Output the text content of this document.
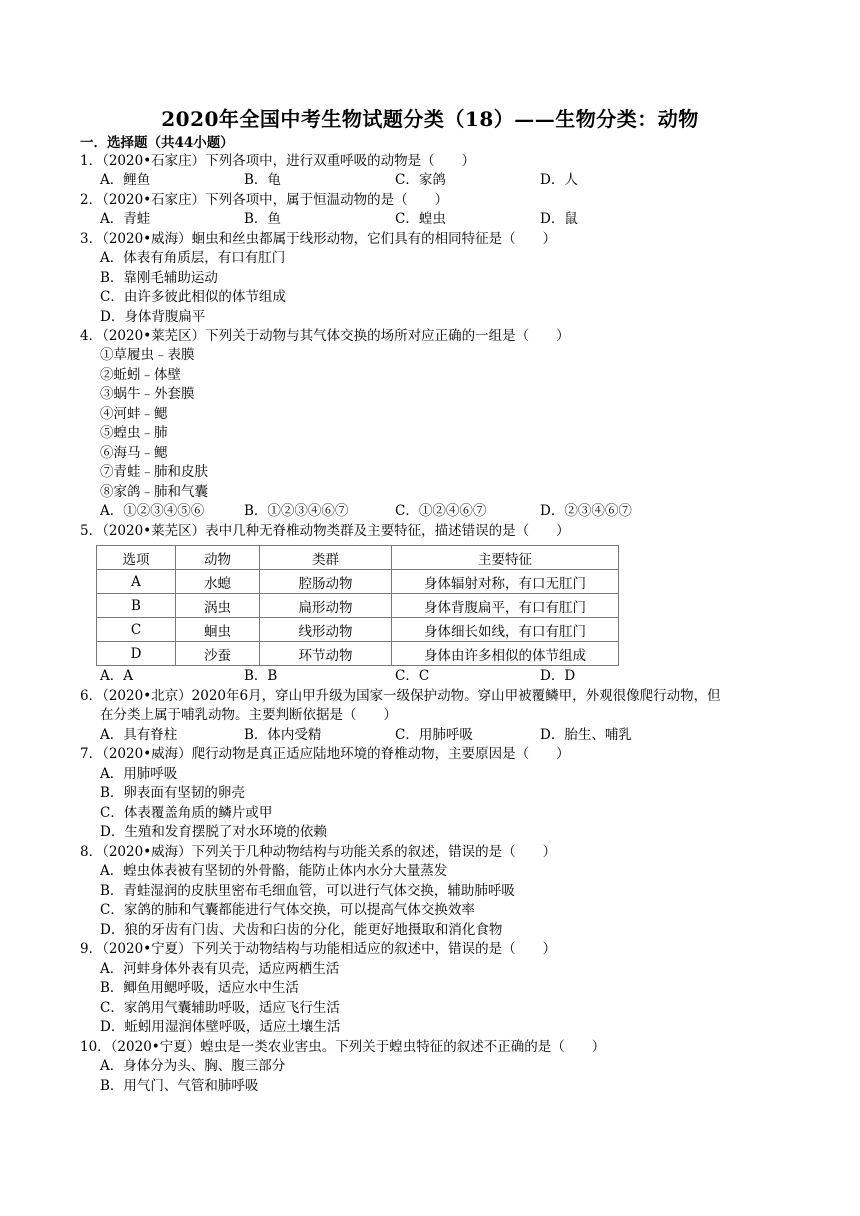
2020年全国中考生物试题分类（18）——生物分类：动物
一．选择题（共44小题）
1．（2020•石家庄）下列各项中，进行双重呼吸的动物是（　　）
A．鲤鱼	B．龟	C．家鸽	D．人
2．（2020•石家庄）下列各项中，属于恒温动物的是（　　）
A．青蛙	B．鱼	C．蝗虫	D．鼠
3．（2020•威海）蛔虫和丝虫都属于线形动物，它们具有的相同特征是（　　）
A．体表有角质层，有口有肛门
B．靠刚毛辅助运动
C．由许多彼此相似的体节组成
D．身体背腹扁平
4．（2020•莱芜区）下列关于动物与其气体交换的场所对应正确的一组是（　　）
①草履虫﹣表膜
②蚯蚓﹣体壁
③蜗牛﹣外套膜
④河蚌﹣鳃
⑤蝗虫﹣肺
⑥海马﹣鳃
⑦青蛙﹣肺和皮肤
⑧家鸽﹣肺和气囊
A．①②③④⑤⑥	B．①②③④⑥⑦	C．①②④⑥⑦	D．②③④⑥⑦
5．（2020•莱芜区）表中几种无脊椎动物类群及主要特征，描述错误的是（　　）
选项	动物	类群	主要特征
A	水螅	腔肠动物	身体辐射对称，有口无肛门
B	涡虫	扁形动物	身体背腹扁平，有口有肛门
C	蛔虫	线形动物	身体细长如线，有口有肛门
D	沙蚕	环节动物	身体由许多相似的体节组成
A．A	B．B	C．C	D．D
6．（2020•北京）2020年6月，穿山甲升级为国家一级保护动物。穿山甲被覆鳞甲，外观很像爬行动物，但
在分类上属于哺乳动物。主要判断依据是（　　）
A．具有脊柱	B．体内受精	C．用肺呼吸	D．胎生、哺乳
7．（2020•威海）爬行动物是真正适应陆地环境的脊椎动物，主要原因是（　　）
A．用肺呼吸
B．卵表面有坚韧的卵壳
C．体表覆盖角质的鳞片或甲
D．生殖和发育摆脱了对水环境的依赖
8．（2020•威海）下列关于几种动物结构与功能关系的叙述，错误的是（　　）
A．蝗虫体表被有坚韧的外骨骼，能防止体内水分大量蒸发
B．青蛙湿润的皮肤里密布毛细血管，可以进行气体交换，辅助肺呼吸
C．家鸽的肺和气囊都能进行气体交换，可以提高气体交换效率
D．狼的牙齿有门齿、犬齿和臼齿的分化，能更好地摄取和消化食物
9．（2020•宁夏）下列关于动物结构与功能相适应的叙述中，错误的是（　　）
A．河蚌身体外表有贝壳，适应两栖生活
B．鲫鱼用鳃呼吸，适应水中生活
C．家鸽用气囊辅助呼吸，适应飞行生活
D．蚯蚓用湿润体壁呼吸，适应土壤生活
10．（2020•宁夏）蝗虫是一类农业害虫。下列关于蝗虫特征的叙述不正确的是（　　）
A．身体分为头、胸、腹三部分
B．用气门、气管和肺呼吸
